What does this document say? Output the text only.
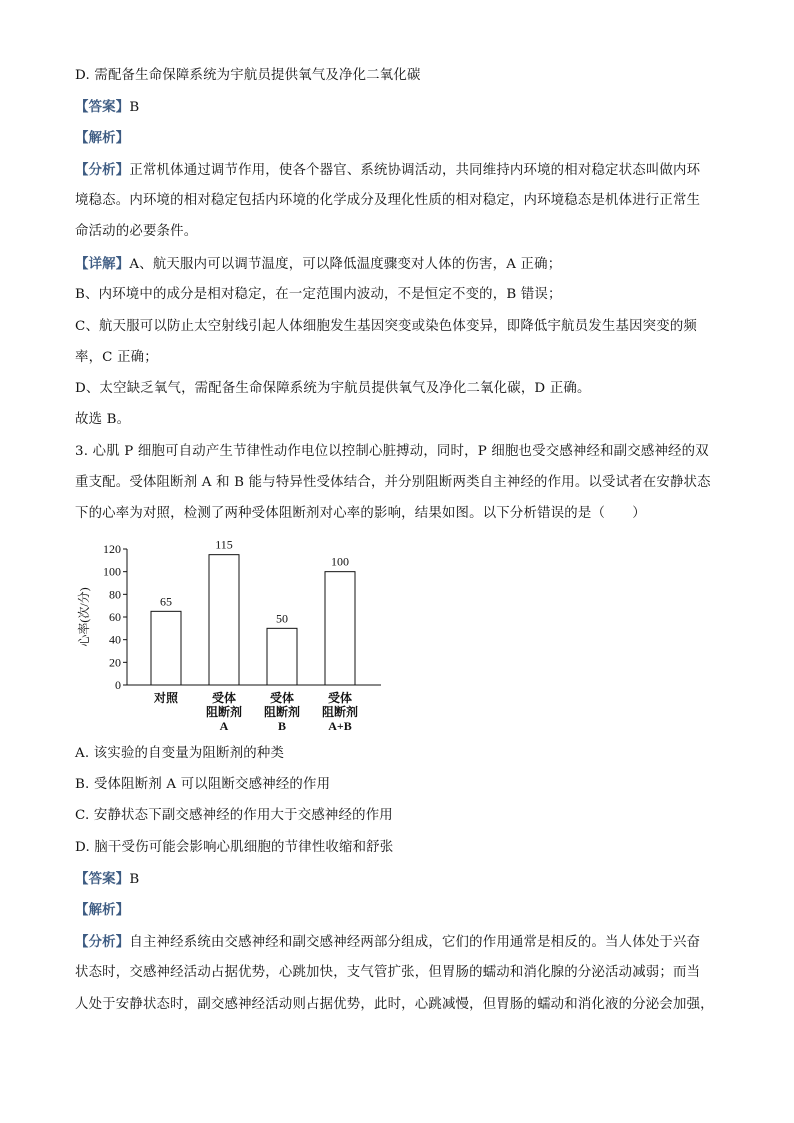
D. 需配备生命保障系统为宇航员提供氧气及净化二氧化碳
【答案】B
【解析】
【分析】正常机体通过调节作用，使各个器官、系统协调活动，共同维持内环境的相对稳定状态叫做内环
境稳态。内环境的相对稳定包括内环境的化学成分及理化性质的相对稳定，内环境稳态是机体进行正常生
命活动的必要条件。
【详解】A、航天服内可以调节温度，可以降低温度骤变对人体的伤害，A 正确；
B、内环境中的成分是相对稳定，在一定范围内波动，不是恒定不变的，B 错误；
C、航天服可以防止太空射线引起人体细胞发生基因突变或染色体变异，即降低宇航员发生基因突变的频
率，C 正确；
D、太空缺乏氧气，需配备生命保障系统为宇航员提供氧气及净化二氧化碳，D 正确。
故选 B。
3. 心肌 P 细胞可自动产生节律性动作电位以控制心脏搏动，同时，P 细胞也受交感神经和副交感神经的双
重支配。受体阻断剂 A 和 B 能与特异性受体结合，并分别阻断两类自主神经的作用。以受试者在安静状态
下的心率为对照，检测了两种受体阻断剂对心率的影响，结果如图。以下分析错误的是（　　）
心率(次/分)
0
20
40
60
80
100
120
65
对照
115
受体
阻断剂
A
50
受体
阻断剂
B
100
受体
阻断剂
A+B
A. 该实验的自变量为阻断剂的种类
B. 受体阻断剂 A 可以阻断交感神经的作用
C. 安静状态下副交感神经的作用大于交感神经的作用
D. 脑干受伤可能会影响心肌细胞的节律性收缩和舒张
【答案】B
【解析】
【分析】自主神经系统由交感神经和副交感神经两部分组成，它们的作用通常是相反的。当人体处于兴奋
状态时，交感神经活动占据优势，心跳加快，支气管扩张，但胃肠的蠕动和消化腺的分泌活动减弱；而当
人处于安静状态时，副交感神经活动则占据优势，此时，心跳减慢，但胃肠的蠕动和消化液的分泌会加强，
